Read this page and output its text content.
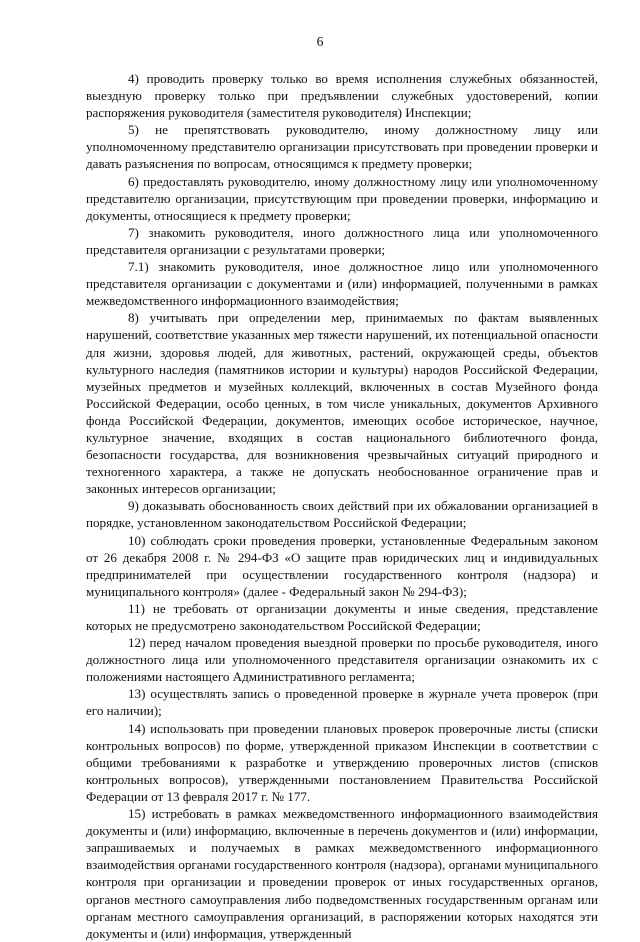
6

4) проводить проверку только во время исполнения служебных обязанностей, выездную проверку только при предъявлении служебных удостоверений, копии распоряжения руководителя (заместителя руководителя) Инспекции;

5) не препятствовать руководителю, иному должностному лицу или уполномоченному представителю организации присутствовать при проведении проверки и давать разъяснения по вопросам, относящимся к предмету проверки;

6) предоставлять руководителю, иному должностному лицу или уполномоченному представителю организации, присутствующим при проведении проверки, информацию и документы, относящиеся к предмету проверки;

7) знакомить руководителя, иного должностного лица или уполномоченного представителя организации с результатами проверки;

7.1) знакомить руководителя, иное должностное лицо или уполномоченного представителя организации с документами и (или) информацией, полученными в рамках межведомственного информационного взаимодействия;

8) учитывать при определении мер, принимаемых по фактам выявленных нарушений, соответствие указанных мер тяжести нарушений, их потенциальной опасности для жизни, здоровья людей, для животных, растений, окружающей среды, объектов культурного наследия (памятников истории и культуры) народов Российской Федерации, музейных предметов и музейных коллекций, включенных в состав Музейного фонда Российской Федерации, особо ценных, в том числе уникальных, документов Архивного фонда Российской Федерации, документов, имеющих особое историческое, научное, культурное значение, входящих в состав национального библиотечного фонда, безопасности государства, для возникновения чрезвычайных ситуаций природного и техногенного характера, а также не допускать необоснованное ограничение прав и законных интересов организации;

9) доказывать обоснованность своих действий при их обжаловании организацией в порядке, установленном законодательством Российской Федерации;

10) соблюдать сроки проведения проверки, установленные Федеральным законом от 26 декабря 2008 г. № 294-ФЗ «О защите прав юридических лиц и индивидуальных предпринимателей при осуществлении государственного контроля (надзора) и муниципального контроля» (далее - Федеральный закон № 294-ФЗ);

11) не требовать от организации документы и иные сведения, представление которых не предусмотрено законодательством Российской Федерации;

12) перед началом проведения выездной проверки по просьбе руководителя, иного должностного лица или уполномоченного представителя организации ознакомить их с положениями настоящего Административного регламента;

13) осуществлять запись о проведенной проверке в журнале учета проверок (при его наличии);

14) использовать при проведении плановых проверок проверочные листы (списки контрольных вопросов) по форме, утвержденной приказом Инспекции в соответствии с общими требованиями к разработке и утверждению проверочных листов (списков контрольных вопросов), утвержденными постановлением Правительства Российской Федерации от 13 февраля 2017 г. № 177.

15) истребовать в рамках межведомственного информационного взаимодействия документы и (или) информацию, включенные в перечень документов и (или) информации, запрашиваемых и получаемых в рамках межведомственного информационного взаимодействия органами государственного контроля (надзора), органами муниципального контроля при организации и проведении проверок от иных государственных органов, органов местного самоуправления либо подведомственных государственным органам или органам местного самоуправления организаций, в распоряжении которых находятся эти документы и (или) информация, утвержденный
